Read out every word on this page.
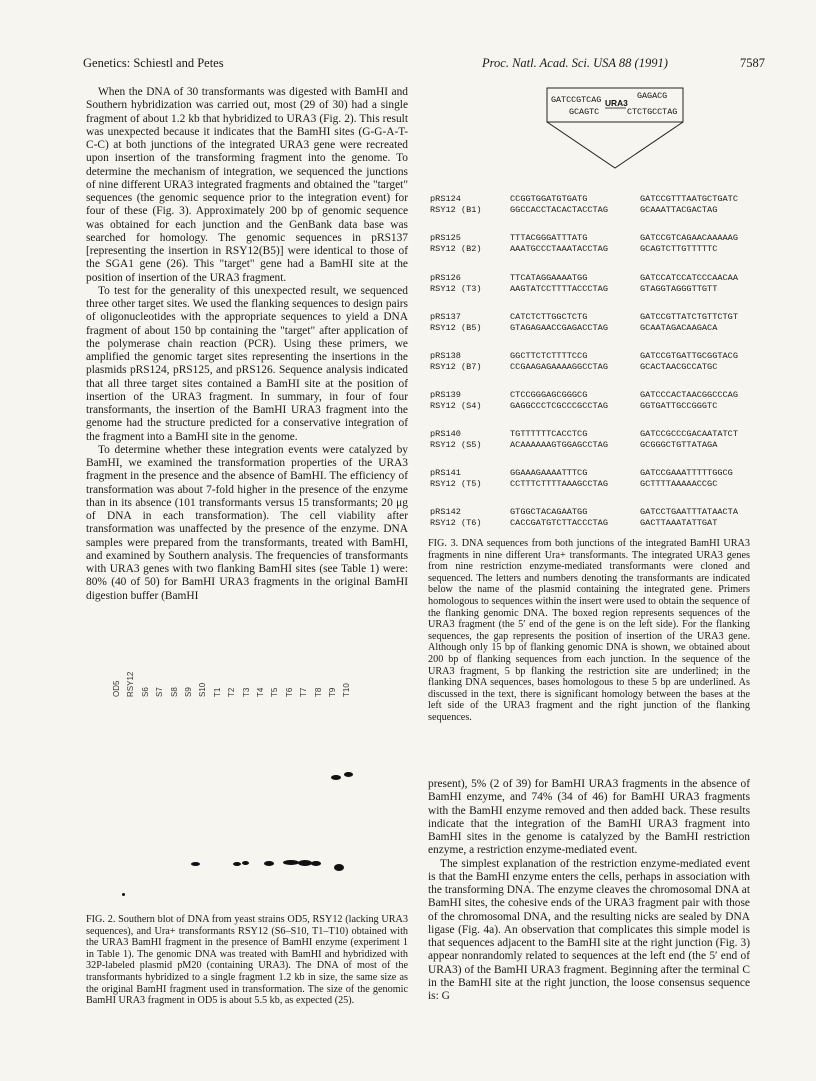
Genetics: Schiestl and Petes	Proc. Natl. Acad. Sci. USA 88 (1991)	7587

When the DNA of 30 transformants was digested with BamHI and Southern hybridization was carried out, most (29 of 30) had a single fragment of about 1.2 kb that hybridized to URA3 (Fig. 2). This result was unexpected because it indicates that the BamHI sites (G-G-A-T-C-C) at both junctions of the integrated URA3 gene were recreated upon insertion of the transforming fragment into the genome. To determine the mechanism of integration, we sequenced the junctions of nine different URA3 integrated fragments and obtained the "target" sequences (the genomic sequence prior to the integration event) for four of these (Fig. 3). Approximately 200 bp of genomic sequence was obtained for each junction and the GenBank data base was searched for homology. The genomic sequences in pRS137 [representing the insertion in RSY12(B5)] were identical to those of the SGA1 gene (26). This "target" gene had a BamHI site at the position of insertion of the URA3 fragment.

To test for the generality of this unexpected result, we sequenced three other target sites. We used the flanking sequences to design pairs of oligonucleotides with the appropriate sequences to yield a DNA fragment of about 150 bp containing the "target" after application of the polymerase chain reaction (PCR). Using these primers, we amplified the genomic target sites representing the insertions in the plasmids pRS124, pRS125, and pRS126. Sequence analysis indicated that all three target sites contained a BamHI site at the position of insertion of the URA3 fragment. In summary, in four of four transformants, the insertion of the BamHI URA3 fragment into the genome had the structure predicted for a conservative integration of the fragment into a BamHI site in the genome.

To determine whether these integration events were catalyzed by BamHI, we examined the transformation properties of the URA3 fragment in the presence and the absence of BamHI. The efficiency of transformation was about 7-fold higher in the presence of the enzyme than in its absence (101 transformants versus 15 transformants; 20 μg of DNA in each transformation). The cell viability after transformation was unaffected by the presence of the enzyme. DNA samples were prepared from the transformants, treated with BamHI, and examined by Southern analysis. The frequencies of transformants with URA3 genes with two flanking BamHI sites (see Table 1) were: 80% (40 of 50) for BamHI URA3 fragments in the original BamHI digestion buffer (BamHI

GATCCGTCAG
GCAGTC
URA3
GAGACG
CTCTGCCTAG
pRS124
RSY12 (B1)
CCGGTGGATGTGATG
GGCCACCTACACTACCTAG
GATCCGTTTAATGCTGATC
GCAAATTACGACTAG
pRS125
RSY12 (B2)
TTTACGGGATTTATG
AAATGCCCTAAATACCTAG
GATCCGTCAGAACAAAAAG
GCAGTCTTGTTTTTC
pRS126
RSY12 (T3)
TTCATAGGAAAATGG
AAGTATCCTTTTACCCTAG
GATCCATCCATCCCAACAA
GTAGGTAGGGTTGTT
pRS137
RSY12 (B5)
CATCTCTTGGCTCTG
GTAGAGAACCGAGACCTAG
GATCCGTTATCTGTTCTGT
GCAATAGACAAGACA
pRS138
RSY12 (B7)
GGCTTCTCTTTTCCG
CCGAAGAGAAAAGGCCTAG
GATCCGTGATTGCGGTACG
GCACTAACGCCATGC
pRS139
RSY12 (S4)
CTCCGGGAGCGGGCG
GAGGCCCTCGCCCGCCTAG
GATCCCACTAACGGCCCAG
GGTGATTGCCGGGTC
pRS140
RSY12 (S5)
TGTTTTTTCACCTCG
ACAAAAAAGTGGAGCCTAG
GATCCGCCCGACAATATCT
GCGGGCTGTTATAGA
pRS141
RSY12 (T5)
GGAAAGAAAATTTCG
CCTTTCTTTTAAAGCCTAG
GATCCGAAATTTTTGGCG
GCTTTTAAAAACCGC
pRS142
RSY12 (T6)
GTGGCTACAGAATGG
CACCGATGTCTTACCCTAG
GATCCTGAATTTATAACTA
GACTTAAATATTGAT

FIG. 3. DNA sequences from both junctions of the integrated BamHI URA3 fragments in nine different Ura+ transformants. The integrated URA3 genes from nine restriction enzyme-mediated transformants were cloned and sequenced. The letters and numbers denoting the transformants are indicated below the name of the plasmid containing the integrated gene. Primers homologous to sequences within the insert were used to obtain the sequence of the flanking genomic DNA. The boxed region represents sequences of the URA3 fragment (the 5′ end of the gene is on the left side). For the flanking sequences, the gap represents the position of insertion of the URA3 gene. Although only 15 bp of flanking genomic DNA is shown, we obtained about 200 bp of flanking sequences from each junction. In the sequence of the URA3 fragment, 5 bp flanking the restriction site are underlined; in the flanking DNA sequences, bases homologous to these 5 bp are underlined. As discussed in the text, there is significant homology between the bases at the left side of the URA3 fragment and the right junction of the flanking sequences.

present), 5% (2 of 39) for BamHI URA3 fragments in the absence of BamHI enzyme, and 74% (34 of 46) for BamHI URA3 fragments with the BamHI enzyme removed and then added back. These results indicate that the integration of the BamHI URA3 fragment into BamHI sites in the genome is catalyzed by the BamHI restriction enzyme, a restriction enzyme-mediated event.

The simplest explanation of the restriction enzyme-mediated event is that the BamHI enzyme enters the cells, perhaps in association with the transforming DNA. The enzyme cleaves the chromosomal DNA at BamHI sites, the cohesive ends of the URA3 fragment pair with those of the chromosomal DNA, and the resulting nicks are sealed by DNA ligase (Fig. 4a). An observation that complicates this simple model is that sequences adjacent to the BamHI site at the right junction (Fig. 3) appear nonrandomly related to sequences at the left end (the 5′ end of URA3) of the BamHI URA3 fragment. Beginning after the terminal C in the BamHI site at the right junction, the loose consensus sequence is: G

OD5 RSY12 S6 S7 S8 S9 S10 T1 T2 T3 T4 T5 T6 T7 T8 T9 T10

FIG. 2. Southern blot of DNA from yeast strains OD5, RSY12 (lacking URA3 sequences), and Ura+ transformants RSY12 (S6–S10, T1–T10) obtained with the URA3 BamHI fragment in the presence of BamHI enzyme (experiment 1 in Table 1). The genomic DNA was treated with BamHI and hybridized with 32P-labeled plasmid pM20 (containing URA3). The DNA of most of the transformants hybridized to a single fragment 1.2 kb in size, the same size as the original BamHI fragment used in transformation. The size of the genomic BamHI URA3 fragment in OD5 is about 5.5 kb, as expected (25).
